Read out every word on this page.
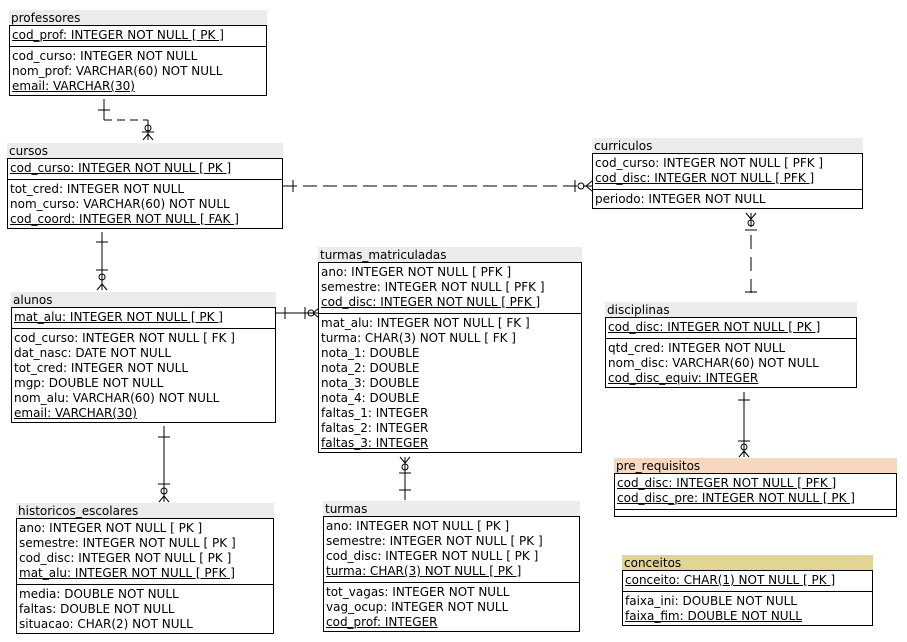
professores
cod_prof: INTEGER NOT NULL [ PK ]
cod_curso: INTEGER NOT NULL
nom_prof: VARCHAR(60) NOT NULL
email: VARCHAR(30)
cursos
cod_curso: INTEGER NOT NULL [ PK ]
tot_cred: INTEGER NOT NULL
nom_curso: VARCHAR(60) NOT NULL
cod_coord: INTEGER NOT NULL [ FAK ]
alunos
mat_alu: INTEGER NOT NULL [ PK ]
cod_curso: INTEGER NOT NULL [ FK ]
dat_nasc: DATE NOT NULL
tot_cred: INTEGER NOT NULL
mgp: DOUBLE NOT NULL
nom_alu: VARCHAR(60) NOT NULL
email: VARCHAR(30)
historicos_escolares
ano: INTEGER NOT NULL [ PK ]
semestre: INTEGER NOT NULL [ PK ]
cod_disc: INTEGER NOT NULL [ PK ]
mat_alu: INTEGER NOT NULL [ PFK ]
media: DOUBLE NOT NULL
faltas: DOUBLE NOT NULL
situacao: CHAR(2) NOT NULL
turmas_matriculadas
ano: INTEGER NOT NULL [ PFK ]
semestre: INTEGER NOT NULL [ PFK ]
cod_disc: INTEGER NOT NULL [ PFK ]
mat_alu: INTEGER NOT NULL [ FK ]
turma: CHAR(3) NOT NULL [ FK ]
nota_1: DOUBLE
nota_2: DOUBLE
nota_3: DOUBLE
nota_4: DOUBLE
faltas_1: INTEGER
faltas_2: INTEGER
faltas_3: INTEGER
turmas
ano: INTEGER NOT NULL [ PK ]
semestre: INTEGER NOT NULL [ PK ]
cod_disc: INTEGER NOT NULL [ PK ]
turma: CHAR(3) NOT NULL [ PK ]
tot_vagas: INTEGER NOT NULL
vag_ocup: INTEGER NOT NULL
cod_prof: INTEGER
curriculos
cod_curso: INTEGER NOT NULL [ PFK ]
cod_disc: INTEGER NOT NULL [ PFK ]
periodo: INTEGER NOT NULL
disciplinas
cod_disc: INTEGER NOT NULL [ PK ]
qtd_cred: INTEGER NOT NULL
nom_disc: VARCHAR(60) NOT NULL
cod_disc_equiv: INTEGER
pre_requisitos
cod_disc: INTEGER NOT NULL [ PFK ]
cod_disc_pre: INTEGER NOT NULL [ PK ]
conceitos
conceito: CHAR(1) NOT NULL [ PK ]
faixa_ini: DOUBLE NOT NULL
faixa_fim: DOUBLE NOT NULL
